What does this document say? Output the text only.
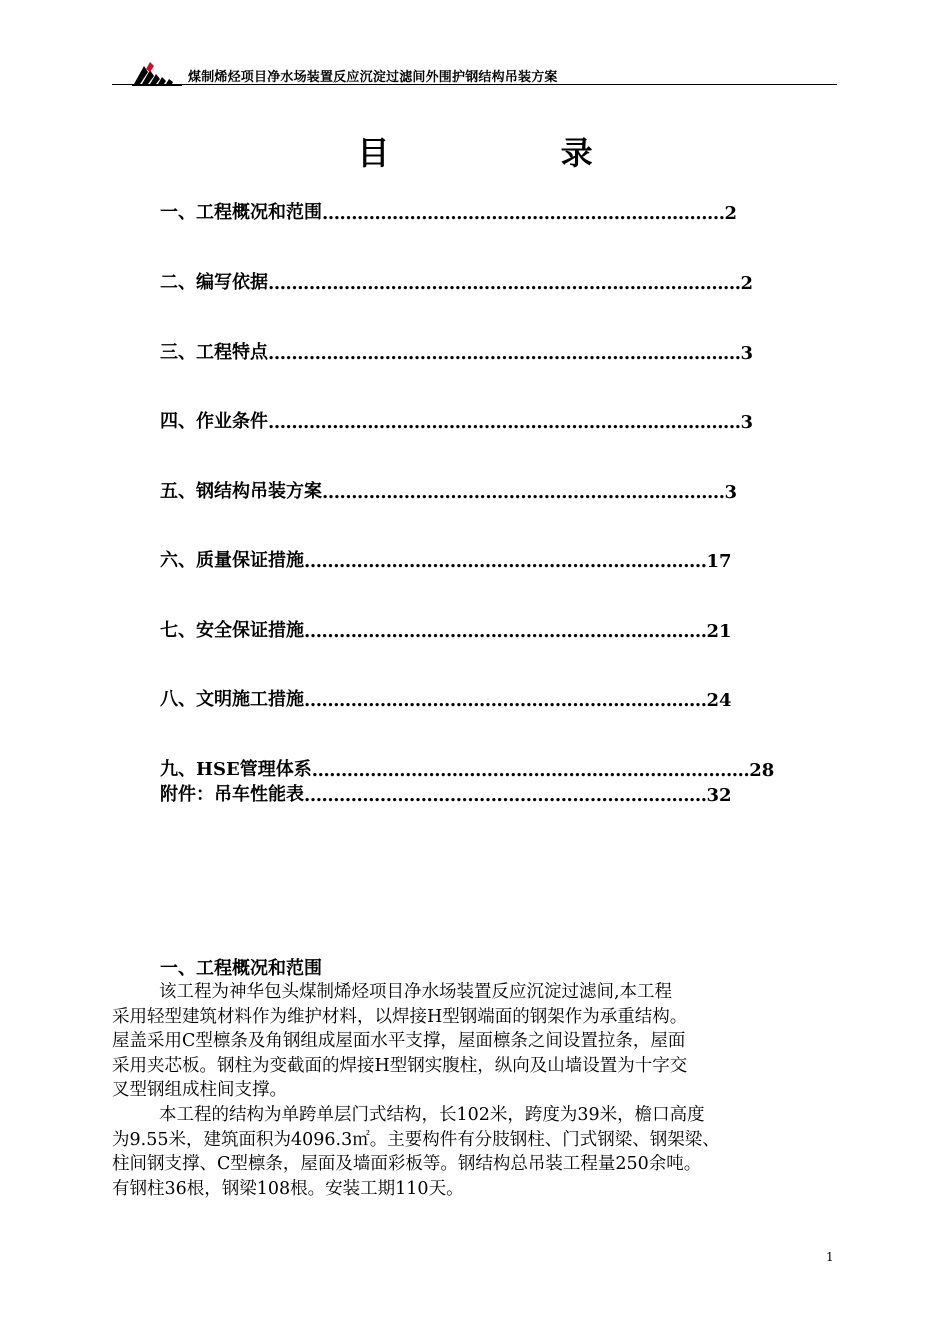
煤制烯烃项目净水场装置反应沉淀过滤间外围护钢结构吊装方案
目 录
一、工程概况和范围 …………………………………………………………… 2
二、编写依据 ……………………………………………………………………… 2
三、工程特点 ……………………………………………………………………… 3
四、作业条件 ……………………………………………………………………… 3
五、钢结构吊装方案 …………………………………………………………… 3
六、质量保证措施 …………………………………………………………… 17
七、安全保证措施 …………………………………………………………… 21
八、文明施工措施 …………………………………………………………… 24
九、HSE管理体系 ………………………………………………………………… 28
附件：吊车性能表 …………………………………………………………… 32
一、工程概况和范围
该工程为神华包头煤制烯烃项目净水场装置反应沉淀过滤间,本工程
采用轻型建筑材料作为维护材料，以焊接H型钢端面的钢架作为承重结构。
屋盖采用C型檩条及角钢组成屋面水平支撑，屋面檩条之间设置拉条，屋面
采用夹芯板。钢柱为变截面的焊接H型钢实腹柱，纵向及山墙设置为十字交
叉型钢组成柱间支撑。
本工程的结构为单跨单层门式结构，长102米，跨度为39米，檐口高度
为9.55米，建筑面积为4096.3㎡。主要构件有分肢钢柱、门式钢梁、钢架梁、
柱间钢支撑、C型檩条，屋面及墙面彩板等。钢结构总吊装工程量250余吨。
有钢柱36根，钢梁108根。安装工期110天。
1
